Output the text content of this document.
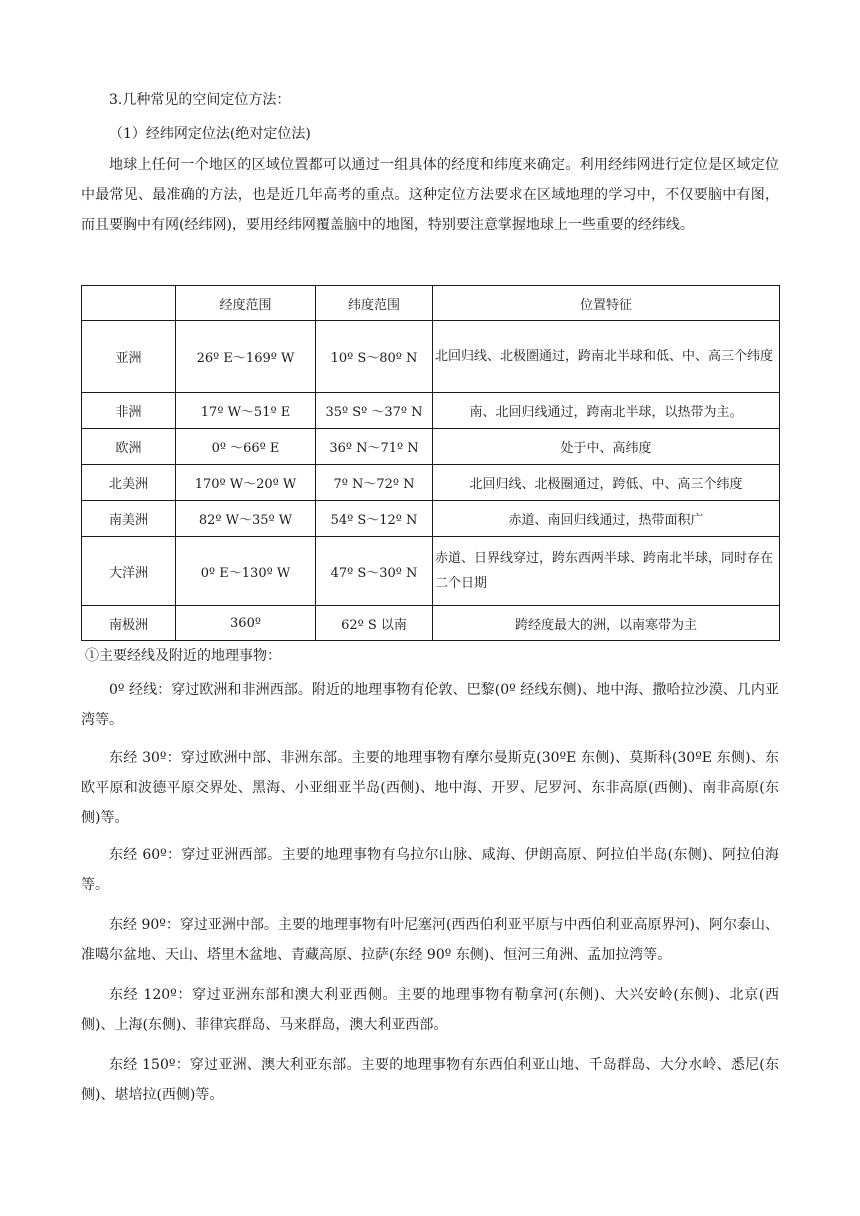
3.几种常见的空间定位方法：
（1）经纬网定位法(绝对定位法)
地球上任何一个地区的区域位置都可以通过一组具体的经度和纬度来确定。利用经纬网进行定位是区域定位中最常见、最准确的方法，也是近几年高考的重点。这种定位方法要求在区域地理的学习中，不仅要脑中有图，而且要胸中有网(经纬网)，要用经纬网覆盖脑中的地图，特别要注意掌握地球上一些重要的经纬线。
	经度范围	纬度范围	位置特征
亚洲	26º E～169º W	10º S～80º N	北回归线、北极圏通过，跨南北半球和低、中、高三个纬度
非洲	17º W～51º E	35º Sº ～37º N	南、北回归线通过，跨南北半球，以热带为主。
欧洲	0º ～66º E	36º N～71º N	处于中、高纬度
北美洲	170º W～20º W	7º N～72º N	北回归线、北极圈通过，跨低、中、高三个纬度
南美洲	82º W～35º W	54º S～12º N	赤道、南回归线通过，热带面积广
大洋洲	0º E～130º W	47º S～30º N	赤道、日界线穿过，跨东西两半球、跨南北半球，同时存在二个日期
南极洲	360º	62º S 以南	跨经度最大的洲，以南寒带为主
①主要经线及附近的地理事物：
0º 经线：穿过欧洲和非洲西部。附近的地理事物有伦敦、巴黎(0º 经线东侧)、地中海、撒哈拉沙漠、几内亚湾等。
东经 30º：穿过欧洲中部、非洲东部。主要的地理事物有摩尔曼斯克(30ºE 东侧)、莫斯科(30ºE 东侧)、东欧平原和波德平原交界处、黑海、小亚细亚半岛(西侧)、地中海、开罗、尼罗河、东非高原(西侧)、南非高原(东侧)等。
东经 60º：穿过亚洲西部。主要的地理事物有乌拉尔山脉、咸海、伊朗高原、阿拉伯半岛(东侧)、阿拉伯海等。
东经 90º：穿过亚洲中部。主要的地理事物有叶尼塞河(西西伯利亚平原与中西伯利亚高原界河)、阿尔泰山、准噶尔盆地、天山、塔里木盆地、青藏高原、拉萨(东经 90º 东侧)、恒河三角洲、孟加拉湾等。
东经 120º：穿过亚洲东部和澳大利亚西侧。主要的地理事物有勒拿河(东侧)、大兴安岭(东侧)、北京(西侧)、上海(东侧)、菲律宾群岛、马来群岛，澳大利亚西部。
东经 150º：穿过亚洲、澳大利亚东部。主要的地理事物有东西伯利亚山地、千岛群岛、大分水岭、悉尼(东侧)、堪培拉(西侧)等。
